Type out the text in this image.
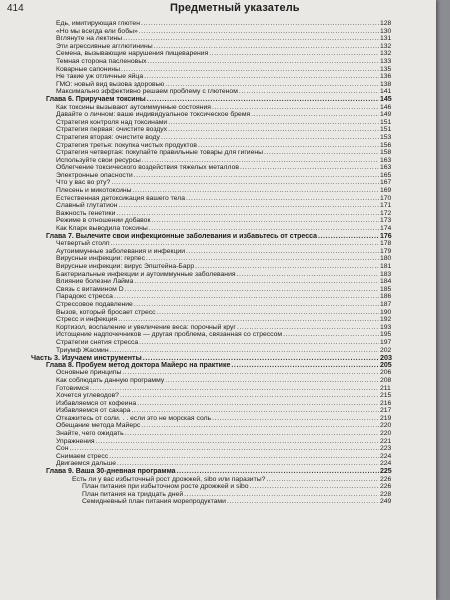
414	Предметный указатель
Едь, имитирующая глютен .....	128
«Но мы всегда ели бобы» .....	130
Вглянуте на лектины .....	131
Эти агрессивные агглютинины .....	132
Семена, вызывающие нарушения пищеварения .....	132
Темная сторона пасленовых .....	133
Коварные сапонины .....	135
Не такие уж отличные яйца .....	136
ГМО: новый вид вызова здоровью .....	138
Максимально эффективно решаем проблему с глютеном .....	141
Глава 6. Приручаем токсины .....	145
Как токсины вызывают аутоиммунные состояния .....	146
Давайте о личном: ваше индивидуальное токсическое бремя .....	149
Стратегия контроля над токсинами .....	151
Стратегия первая: очистите воздух .....	151
Стратегия вторая: очистите воду .....	153
Стратегия третья: покупка чистых продуктов .....	156
Стратегия четвертая: покупайте правильные товары для гигиены .....	158
Используйте свои ресурсы .....	163
Облегчение токсического воздействия тяжелых металлов .....	163
Электронные опасности .....	165
Что у вас во рту? .....	167
Плесень и микотоксины .....	169
Естественная детоксикация вашего тела .....	170
Славный глутатион .....	171
Важность генетики .....	172
Режиме в отношении добавок .....	173
Как Кларк выводила токсины .....	174
Глава 7. Вылечите свои инфекционные заболевания и избавьтесь от стресса .....	176
Четвертый столп .....	178
Аутоиммунные заболевания и инфекции .....	179
Вирусные инфекции: герпес .....	180
Вирусные инфекции: вирус Эпштейна-Барр .....	181
Бактериальные инфекции и аутоиммунные заболевания .....	183
Влияние болезни Лайма .....	184
Связь с витамином D .....	185
Парадокс стресса .....	186
Стрессовое подавление .....	187
Вызов, который бросает стресс .....	190
Стресс и инфекция .....	192
Кортизол, воспаление и увеличение веса: порочный круг .....	193
Истощение надпочечников — другая проблема, связанная со стрессом .....	195
Стратегии снятия стресса .....	197
Триумф Жасмин .....	202
Часть 3. Изучаем инструменты .....	203
Глава 8. Пробуем метод доктора Майерс на практике .....	205
Основные принципы .....	206
Как соблюдать данную программу .....	208
Готовимся .....	211
Хочется углеводов? .....	215
Избавляемся от кофеина .....	216
Избавляемся от сахара .....	217
Откажитесь от соли. . . если это не морская соль .....	219
Обещание метода Майерс .....	220
Знайте, чего ожидать .....	220
Упражнения .....	221
Сон .....	223
Снимаем стресс .....	224
Двигаемся дальше .....	224
Глава 9. Ваша 30-дневная программа .....	225
Есть ли у вас избыточный рост дрожжей, sibo или паразиты? .....	226
План питания при избыточном росте дрожжей и sibo .....	226
План питания на тридцать дней .....	228
Семидневный план питания морепродуктами .....	249
